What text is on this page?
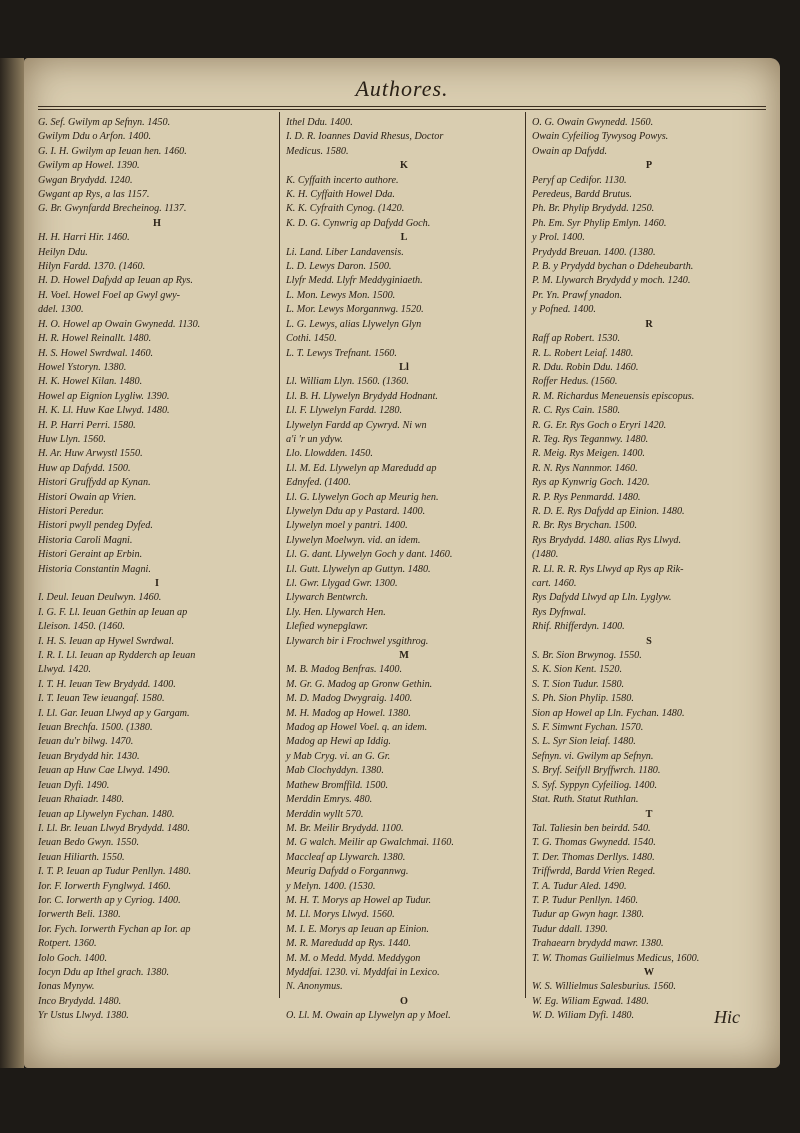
Authores.
G. Sef. Gwilym ap Sefnyn. 1450.
Gwilym Ddu o Arfon. 1400.
G. I. H. Gwilym ap Ieuan hen. 1460.
Gwilym ap Howel. 1390.
Gwgan Brydydd. 1240.
Gwgant ap Rys, a las 1157.
G. Br. Gwynfardd Brecheinog. 1137.
H
H. H. Harri Hir. 1460.
Heilyn Ddu.
Hilyn Fardd. 1370. (1460.
H. D. Howel Dafydd ap Ieuan ap Rys.
H. Voel. Howel Foel ap Gwyl gwy-
ddel. 1300.
H. O. Howel ap Owain Gwynedd. 1130.
H. R. Howel Reinallt. 1480.
H. S. Howel Swrdwal. 1460.
Howel Ystoryn. 1380.
H. K. Howel Kilan. 1480.
Howel ap Eignion Lygliw. 1390.
H. K. Ll. Huw Kae Llwyd. 1480.
H. P. Harri Perri. 1580.
Huw Llyn. 1560.
H. Ar. Huw Arwystl 1550.
Huw ap Dafydd. 1500.
Histori Gruffydd ap Kynan.
Histori Owain ap Vrien.
Histori Peredur.
Histori pwyll pendeg Dyfed.
Historia Caroli Magni.
Histori Geraint ap Erbin.
Historia Constantin Magni.
I
I. Deul. Ieuan Deulwyn. 1460.
I. G. F. Ll. Ieuan Gethin ap Ieuan ap
Lleison. 1450. (1460.
I. H. S. Ieuan ap Hywel Swrdwal.
I. R. I. Ll. Ieuan ap Rydderch ap Ieuan
Llwyd. 1420.
I. T. H. Ieuan Tew Brydydd. 1400.
I. T. Ieuan Tew ieuangaf. 1580.
I. Ll. Gar. Ieuan Llwyd ap y Gargam.
Ieuan Brechfa. 1500. (1380.
Ieuan du'r bilwg. 1470.
Ieuan Brydydd hir. 1430.
Ieuan ap Huw Cae Llwyd. 1490.
Ieuan Dyfi. 1490.
Ieuan Rhaiadr. 1480.
Ieuan ap Llywelyn Fychan. 1480.
I. Ll. Br. Ieuan Llwyd Brydydd. 1480.
Ieuan Bedo Gwyn. 1550.
Ieuan Hiliarth. 1550.
I. T. P. Ieuan ap Tudur Penllyn. 1480.
Ior. F. Iorwerth Fynglwyd. 1460.
Ior. C. Iorwerth ap y Cyriog. 1400.
Iorwerth Beli. 1380.
Ior. Fych. Iorwerth Fychan ap Ior. ap
Rotpert. 1360.
Iolo Goch. 1400.
Iocyn Ddu ap Ithel grach. 1380.
Ionas Mynyw.
Inco Brydydd. 1480.
Yr Ustus Llwyd. 1380.
Ithel Ddu. 1400.
I. D. R. Ioannes David Rhesus, Doctor
Medicus. 1580.
K
K. Cyffaith incerto authore.
K. H. Cyffaith Howel Dda.
K. K. Cyfraith Cynog. (1420.
K. D. G. Cynwrig ap Dafydd Goch.
L
Li. Land. Liber Landavensis.
L. D. Lewys Daron. 1500.
Llyfr Medd. Llyfr Meddyginiaeth.
L. Mon. Lewys Mon. 1500.
L. Mor. Lewys Morgannwg. 1520.
L. G. Lewys, alias Llywelyn Glyn
Cothi. 1450.
L. T. Lewys Trefnant. 1560.
Ll
Ll. William Llyn. 1560. (1360.
Ll. B. H. Llywelyn Brydydd Hodnant.
Ll. F. Llywelyn Fardd. 1280.
Llywelyn Fardd ap Cywryd. Ni wn
a'i 'r un ydyw.
Llo. Llowdden. 1450.
Ll. M. Ed. Llywelyn ap Maredudd ap
Ednyfed. (1400.
Ll. G. Llywelyn Goch ap Meurig hen.
Llywelyn Ddu ap y Pastard. 1400.
Llywelyn moel y pantri. 1400.
Llywelyn Moelwyn. vid. an idem.
Ll. G. dant. Llywelyn Goch y dant. 1460.
Ll. Gutt. Llywelyn ap Guttyn. 1480.
Ll. Gwr. Llygad Gwr. 1300.
Llywarch Bentwrch.
Lly. Hen. Llywarch Hen.
Llefied wynepglawr.
Llywarch bir i Frochwel ysgithrog.
M
M. B. Madog Benfras. 1400.
M. Gr. G. Madog ap Gronw Gethin.
M. D. Madog Dwygraig. 1400.
M. H. Madog ap Howel. 1380.
Madog ap Howel Voel. q. an idem.
Madog ap Hewi ap Iddig.
y Mab Cryg. vi. an G. Gr.
Mab Clochyddyn. 1380.
Mathew Bromffild. 1500.
Merddin Emrys. 480.
Merddin wyllt 570.
M. Br. Meilir Brydydd. 1100.
M. G walch. Meilir ap Gwalchmai. 1160.
Maccleaf ap Llywarch. 1380.
Meurig Dafydd o Forgannwg.
y Melyn. 1400. (1530.
M. H. T. Morys ap Howel ap Tudur.
M. Ll. Morys Llwyd. 1560.
M. I. E. Morys ap Ieuan ap Einion.
M. R. Maredudd ap Rys. 1440.
M. M. o Medd. Mydd. Meddygon
Myddfai. 1230. vi. Myddfai in Lexico.
N. Anonymus.
O
O. Ll. M. Owain ap Llywelyn ap y Moel.
O. G. Owain Gwynedd. 1560.
Owain Cyfeiliog Tywysog Powys.
Owain ap Dafydd.
P
Peryf ap Cedifor. 1130.
Peredeus, Bardd Brutus.
Ph. Br. Phylip Brydydd. 1250.
Ph. Em. Syr Phylip Emlyn. 1460.
y Prol. 1400.
Prydydd Breuan. 1400. (1380.
P. B. y Prydydd bychan o Ddeheubarth.
P. M. Llywarch Brydydd y moch. 1240.
Pr. Yn. Prawf ynadon.
y Pofned. 1400.
R
Raff ap Robert. 1530.
R. L. Robert Leiaf. 1480.
R. Ddu. Robin Ddu. 1460.
Roffer Hedus. (1560.
R. M. Richardus Meneuensis episcopus.
R. C. Rys Cain. 1580.
R. G. Er. Rys Goch o Eryri 1420.
R. Teg. Rys Tegannwy. 1480.
R. Meig. Rys Meigen. 1400.
R. N. Rys Nannmor. 1460.
Rys ap Kynwrig Goch. 1420.
R. P. Rys Penmardd. 1480.
R. D. E. Rys Dafydd ap Einion. 1480.
R. Br. Rys Brychan. 1500.
Rys Brydydd. 1480. alias Rys Llwyd.
(1480.
R. Ll. R. R. Rys Llwyd ap Rys ap Rik-
cart. 1460.
Rys Dafydd Llwyd ap Lln. Lyglyw.
Rys Dyfnwal.
Rhif. Rhifferdyn. 1400.
S
S. Br. Sion Brwynog. 1550.
S. K. Sion Kent. 1520.
S. T. Sion Tudur. 1580.
S. Ph. Sion Phylip. 1580.
Sion ap Howel ap Lln. Fychan. 1480.
S. F. Simwnt Fychan. 1570.
S. L. Syr Sion leiaf. 1480.
Sefnyn. vi. Gwilym ap Sefnyn.
S. Bryf. Seifyll Bryffwrch. 1180.
S. Syf. Syppyn Cyfeiliog. 1400.
Stat. Ruth. Statut Ruthlan.
T
Tal. Taliesin ben beirdd. 540.
T. G. Thomas Gwynedd. 1540.
T. Der. Thomas Derllys. 1480.
Triffwrdd, Bardd Vrien Reged.
T. A. Tudur Aled. 1490.
T. P. Tudur Penllyn. 1460.
Tudur ap Gwyn hagr. 1380.
Tudur ddall. 1390.
Trahaearn brydydd mawr. 1380.
T. W. Thomas Guilielmus Medicus, 1600.
W
W. S. Willielmus Salesburius. 1560.
W. Eg. Wiliam Egwad. 1480.
W. D. Wiliam Dyfi. 1480.	Hic
